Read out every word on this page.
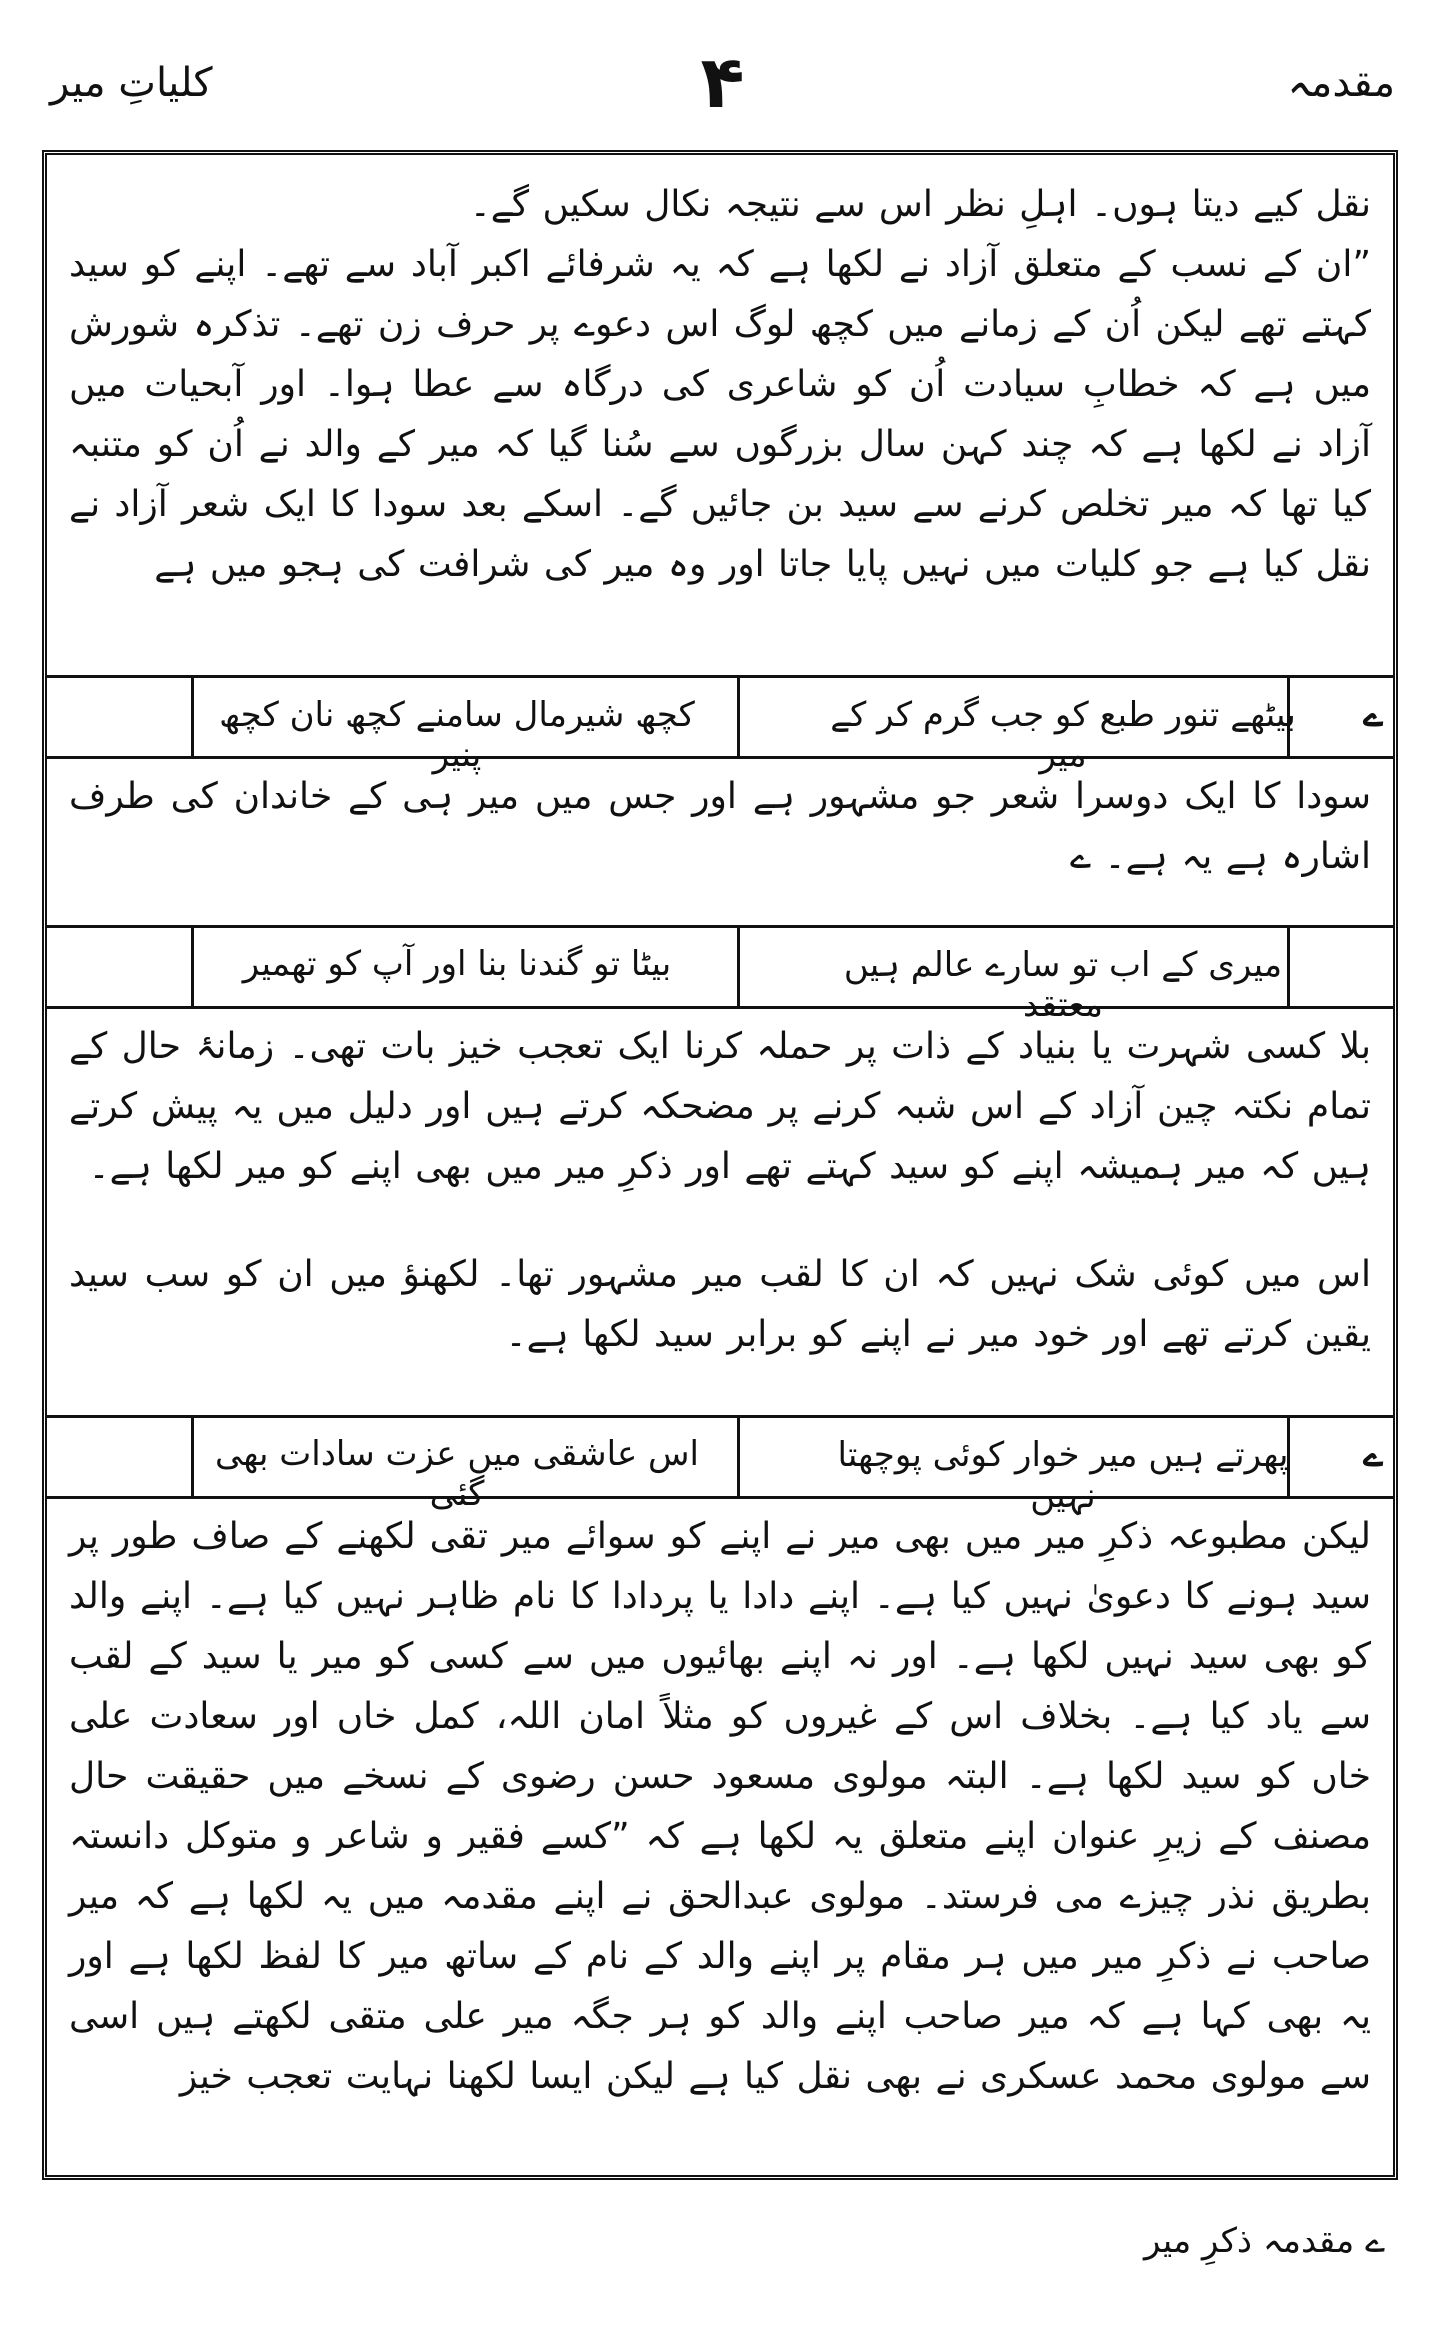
کلیاتِ میر	۴	مقدمہ
نقل کیے دیتا ہوں۔ اہلِ نظر اس سے نتیجہ نکال سکیں گے۔
”ان کے نسب کے متعلق آزاد نے لکھا ہے کہ یہ شرفائے اکبر آباد سے تھے۔ اپنے کو سید کہتے تھے لیکن اُن کے زمانے میں کچھ لوگ اس دعوے پر حرف زن تھے۔ تذکرہ شورش میں ہے کہ خطابِ سیادت اُن کو شاعری کی درگاہ سے عطا ہوا۔ اور آبحیات میں آزاد نے لکھا ہے کہ چند کہن سال بزرگوں سے سُنا گیا کہ میر کے والد نے اُن کو متنبہ کیا تھا کہ میر تخلص کرنے سے سید بن جائیں گے۔ اسکے بعد سودا کا ایک شعر آزاد نے نقل کیا ہے جو کلیات میں نہیں پایا جاتا اور وہ میر کی شرافت کی ہجو میں ہے
ے
بیٹھے تنور طبع کو جب گرم کر کے میر
کچھ شیرمال سامنے کچھ نان کچھ پنیر
سودا کا ایک دوسرا شعر جو مشہور ہے اور جس میں میر ہی کے خاندان کی طرف اشارہ ہے یہ ہے۔ ے
میری کے اب تو سارے عالم ہیں معتقد
بیٹا تو گندنا بنا اور آپ کو تھمیر
بلا کسی شہرت یا بنیاد کے ذات پر حملہ کرنا ایک تعجب خیز بات تھی۔ زمانۂ حال کے تمام نکتہ چین آزاد کے اس شبہ کرنے پر مضحکہ کرتے ہیں اور دلیل میں یہ پیش کرتے ہیں کہ میر ہمیشہ اپنے کو سید کہتے تھے اور ذکرِ میر میں بھی اپنے کو میر لکھا ہے۔
اس میں کوئی شک نہیں کہ ان کا لقب میر مشہور تھا۔ لکھنؤ میں ان کو سب سید یقین کرتے تھے اور خود میر نے اپنے کو برابر سید لکھا ہے۔
ے
پھرتے ہیں میر خوار کوئی پوچھتا نہیں
اس عاشقی میں عزت سادات بھی گئی
لیکن مطبوعہ ذکرِ میر میں بھی میر نے اپنے کو سوائے میر تقی لکھنے کے صاف طور پر سید ہونے کا دعویٰ نہیں کیا ہے۔ اپنے دادا یا پردادا کا نام ظاہر نہیں کیا ہے۔ اپنے والد کو بھی سید نہیں لکھا ہے۔ اور نہ اپنے بھائیوں میں سے کسی کو میر یا سید کے لقب سے یاد کیا ہے۔ بخلاف اس کے غیروں کو مثلاً امان اللہ، کمل خاں اور سعادت علی خاں کو سید لکھا ہے۔ البتہ مولوی مسعود حسن رضوی کے نسخے میں حقیقت حال مصنف کے زیرِ عنوان اپنے متعلق یہ لکھا ہے کہ ”کسے فقیر و شاعر و متوکل دانستہ بطریق نذر چیزے می فرستد۔ مولوی عبدالحق نے اپنے مقدمہ میں یہ لکھا ہے کہ میر صاحب نے ذکرِ میر میں ہر مقام پر اپنے والد کے نام کے ساتھ میر کا لفظ لکھا ہے اور یہ بھی کہا ہے کہ میر صاحب اپنے والد کو ہر جگہ میر علی متقی لکھتے ہیں اسی سے مولوی محمد عسکری نے بھی نقل کیا ہے لیکن ایسا لکھنا نہایت تعجب خیز
ے مقدمہ ذکرِ میر
